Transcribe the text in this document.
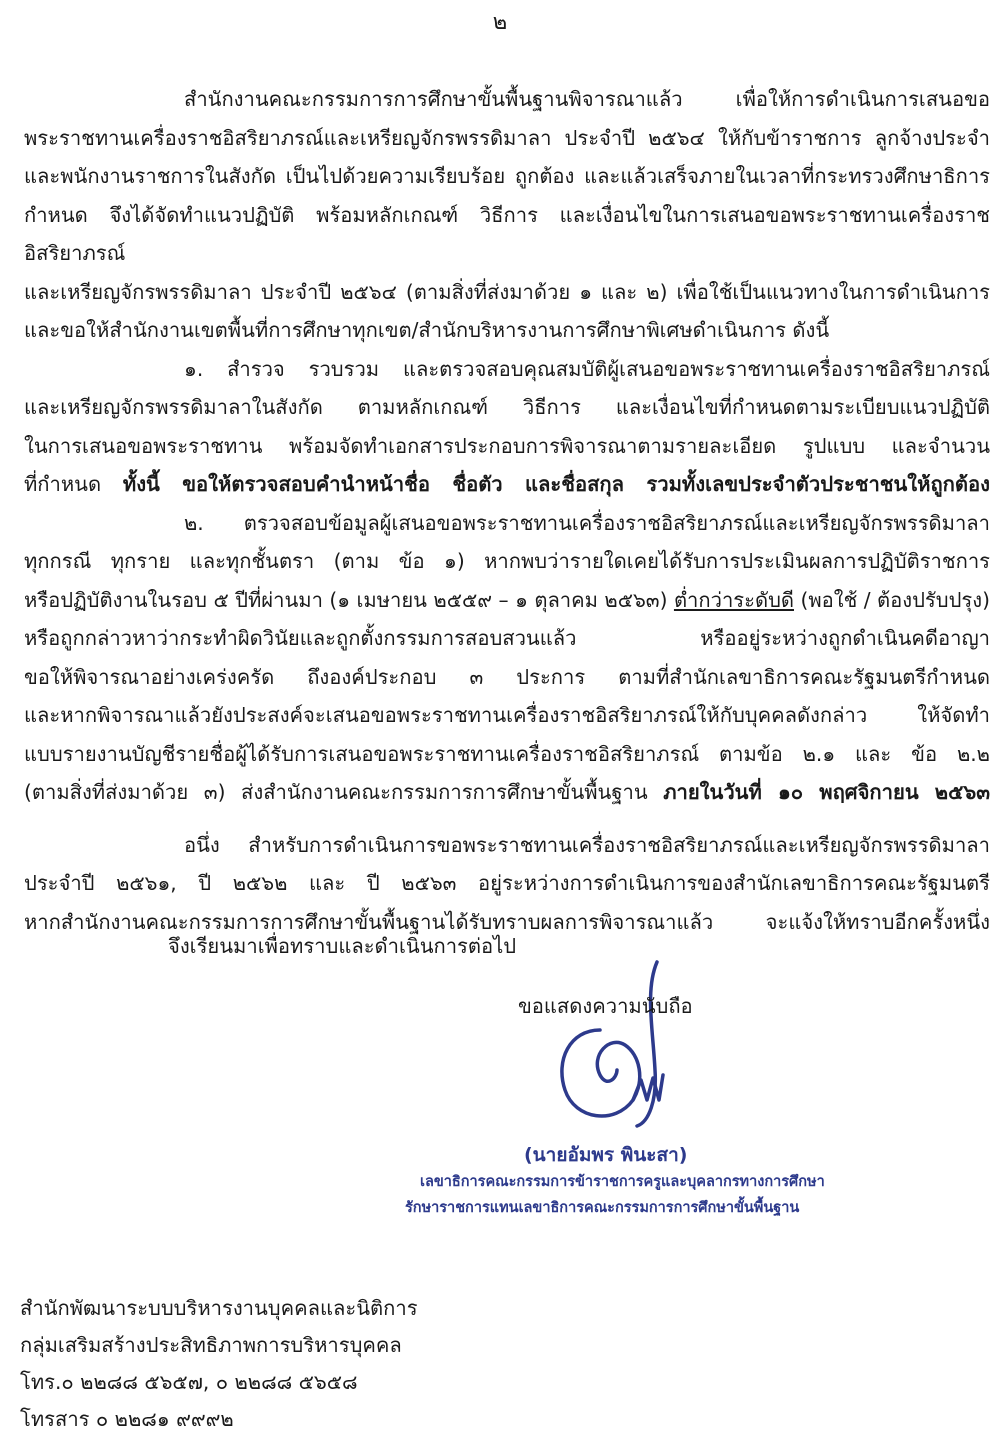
๒
สำนักงานคณะกรรมการการศึกษาขั้นพื้นฐานพิจารณาแล้ว เพื่อให้การดำเนินการเสนอขอ
พระราชทานเครื่องราชอิสริยาภรณ์และเหรียญจักรพรรดิมาลา ประจำปี ๒๕๖๔ ให้กับข้าราชการ ลูกจ้างประจำ
และพนักงานราชการในสังกัด เป็นไปด้วยความเรียบร้อย ถูกต้อง และแล้วเสร็จภายในเวลาที่กระทรวงศึกษาธิการ
กำหนด จึงได้จัดทำแนวปฏิบัติ พร้อมหลักเกณฑ์ วิธีการ และเงื่อนไขในการเสนอขอพระราชทานเครื่องราชอิสริยาภรณ์
และเหรียญจักรพรรดิมาลา ประจำปี ๒๕๖๔ (ตามสิ่งที่ส่งมาด้วย ๑ และ ๒) เพื่อใช้เป็นแนวทางในการดำเนินการ
และขอให้สำนักงานเขตพื้นที่การศึกษาทุกเขต/สำนักบริหารงานการศึกษาพิเศษดำเนินการ ดังนี้
๑. สำรวจ รวบรวม และตรวจสอบคุณสมบัติผู้เสนอขอพระราชทานเครื่องราชอิสริยาภรณ์
และเหรียญจักรพรรดิมาลาในสังกัด ตามหลักเกณฑ์ วิธีการ และเงื่อนไขที่กำหนดตามระเบียบแนวปฏิบัติ
ในการเสนอขอพระราชทาน พร้อมจัดทำเอกสารประกอบการพิจารณาตามรายละเอียด รูปแบบ และจำนวน
ที่กำหนด ทั้งนี้ ขอให้ตรวจสอบคำนำหน้าชื่อ ชื่อตัว และชื่อสกุล รวมทั้งเลขประจำตัวประชาชนให้ถูกต้อง
๒. ตรวจสอบข้อมูลผู้เสนอขอพระราชทานเครื่องราชอิสริยาภรณ์และเหรียญจักรพรรดิมาลา
ทุกกรณี ทุกราย และทุกชั้นตรา (ตาม ข้อ ๑) หากพบว่ารายใดเคยได้รับการประเมินผลการปฏิบัติราชการ
หรือปฏิบัติงานในรอบ ๕ ปีที่ผ่านมา (๑ เมษายน ๒๕๕๙ – ๑ ตุลาคม ๒๕๖๓) ต่ำกว่าระดับดี (พอใช้ / ต้องปรับปรุง)
หรือถูกกล่าวหาว่ากระทำผิดวินัยและถูกตั้งกรรมการสอบสวนแล้ว หรืออยู่ระหว่างถูกดำเนินคดีอาญา
ขอให้พิจารณาอย่างเคร่งครัด ถึงองค์ประกอบ ๓ ประการ ตามที่สำนักเลขาธิการคณะรัฐมนตรีกำหนด
และหากพิจารณาแล้วยังประสงค์จะเสนอขอพระราชทานเครื่องราชอิสริยาภรณ์ให้กับบุคคลดังกล่าว ให้จัดทำ
แบบรายงานบัญชีรายชื่อผู้ได้รับการเสนอขอพระราชทานเครื่องราชอิสริยาภรณ์ ตามข้อ ๒.๑ และ ข้อ ๒.๒
(ตามสิ่งที่ส่งมาด้วย ๓) ส่งสำนักงานคณะกรรมการการศึกษาขั้นพื้นฐาน ภายในวันที่ ๑๐ พฤศจิกายน ๒๕๖๓
อนึ่ง สำหรับการดำเนินการขอพระราชทานเครื่องราชอิสริยาภรณ์และเหรียญจักรพรรดิมาลา
ประจำปี ๒๕๖๑, ปี ๒๕๖๒ และ ปี ๒๕๖๓ อยู่ระหว่างการดำเนินการของสำนักเลขาธิการคณะรัฐมนตรี
หากสำนักงานคณะกรรมการการศึกษาขั้นพื้นฐานได้รับทราบผลการพิจารณาแล้ว จะแจ้งให้ทราบอีกครั้งหนึ่ง
จึงเรียนมาเพื่อทราบและดำเนินการต่อไป
ขอแสดงความนับถือ
(นายอัมพร พินะสา)
เลขาธิการคณะกรรมการข้าราชการครูและบุคลากรทางการศึกษา
รักษาราชการแทนเลขาธิการคณะกรรมการการศึกษาขั้นพื้นฐาน
สำนักพัฒนาระบบบริหารงานบุคคลและนิติการ
กลุ่มเสริมสร้างประสิทธิภาพการบริหารบุคคล
โทร.๐ ๒๒๘๘ ๕๖๕๗, ๐ ๒๒๘๘ ๕๖๕๘
โทรสาร ๐ ๒๒๘๑ ๙๙๙๒
